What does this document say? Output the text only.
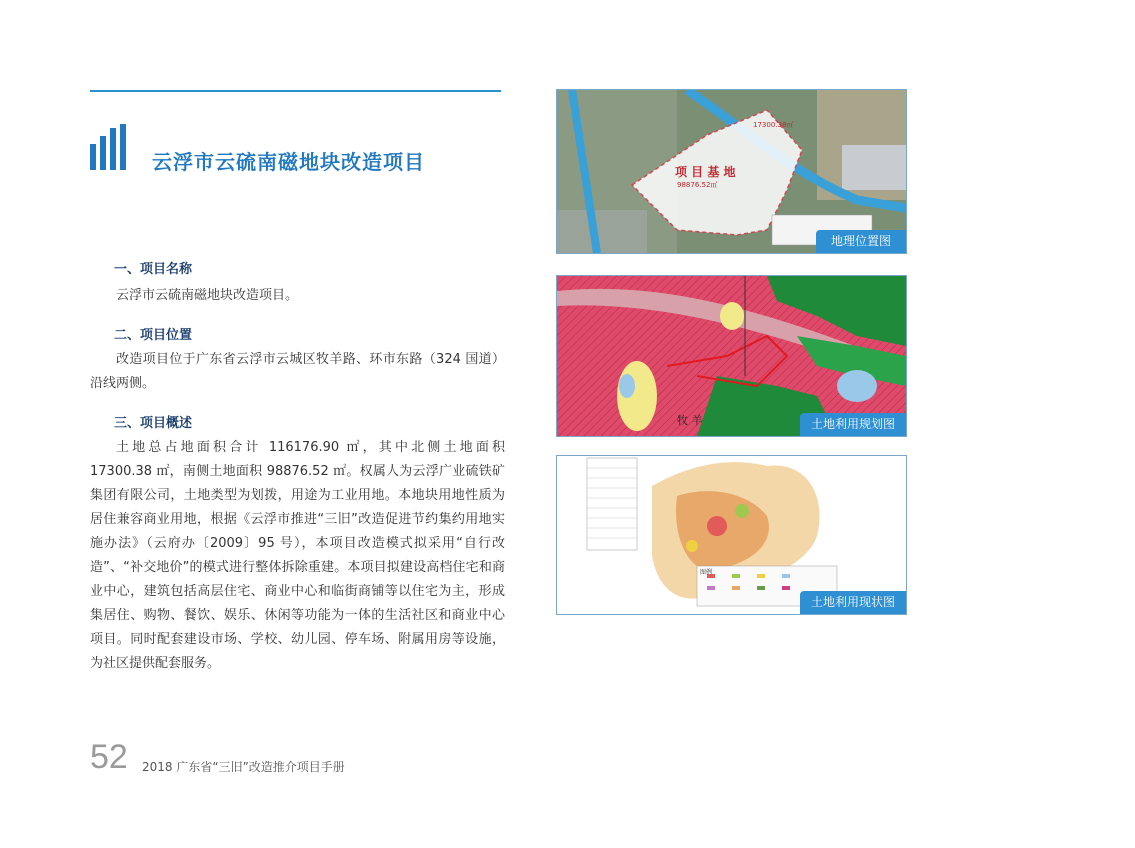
云浮市云硫南磁地块改造项目
一、项目名称

云浮市云硫南磁地块改造项目。

二、项目位置

改造项目位于广东省云浮市云城区牧羊路、环市东路（324 国道）沿线两侧。

三、项目概述

土地总占地面积合计 116176.90 ㎡，其中北侧土地面积 17300.38 ㎡，南侧土地面积 98876.52 ㎡。权属人为云浮广业硫铁矿集团有限公司，土地类型为划拨，用途为工业用地。本地块用地性质为居住兼容商业用地，根据《云浮市推进“三旧”改造促进节约集约用地实施办法》（云府办〔2009〕95 号），本项目改造模式拟采用“自行改造”、“补交地价”的模式进行整体拆除重建。本项目拟建设高档住宅和商业中心，建筑包括高层住宅、商业中心和临街商铺等以住宅为主，形成集居住、购物、餐饮、娱乐、休闲等功能为一体的生活社区和商业中心项目。同时配套建设市场、学校、幼儿园、停车场、附属用房等设施，为社区提供配套服务。

17300.38㎡
项 目 基 地
98876.52㎡
地理位置图
牧 羊	土地利用规划图
图例
土地利用现状图
52 2018 广东省“三旧”改造推介项目手册
